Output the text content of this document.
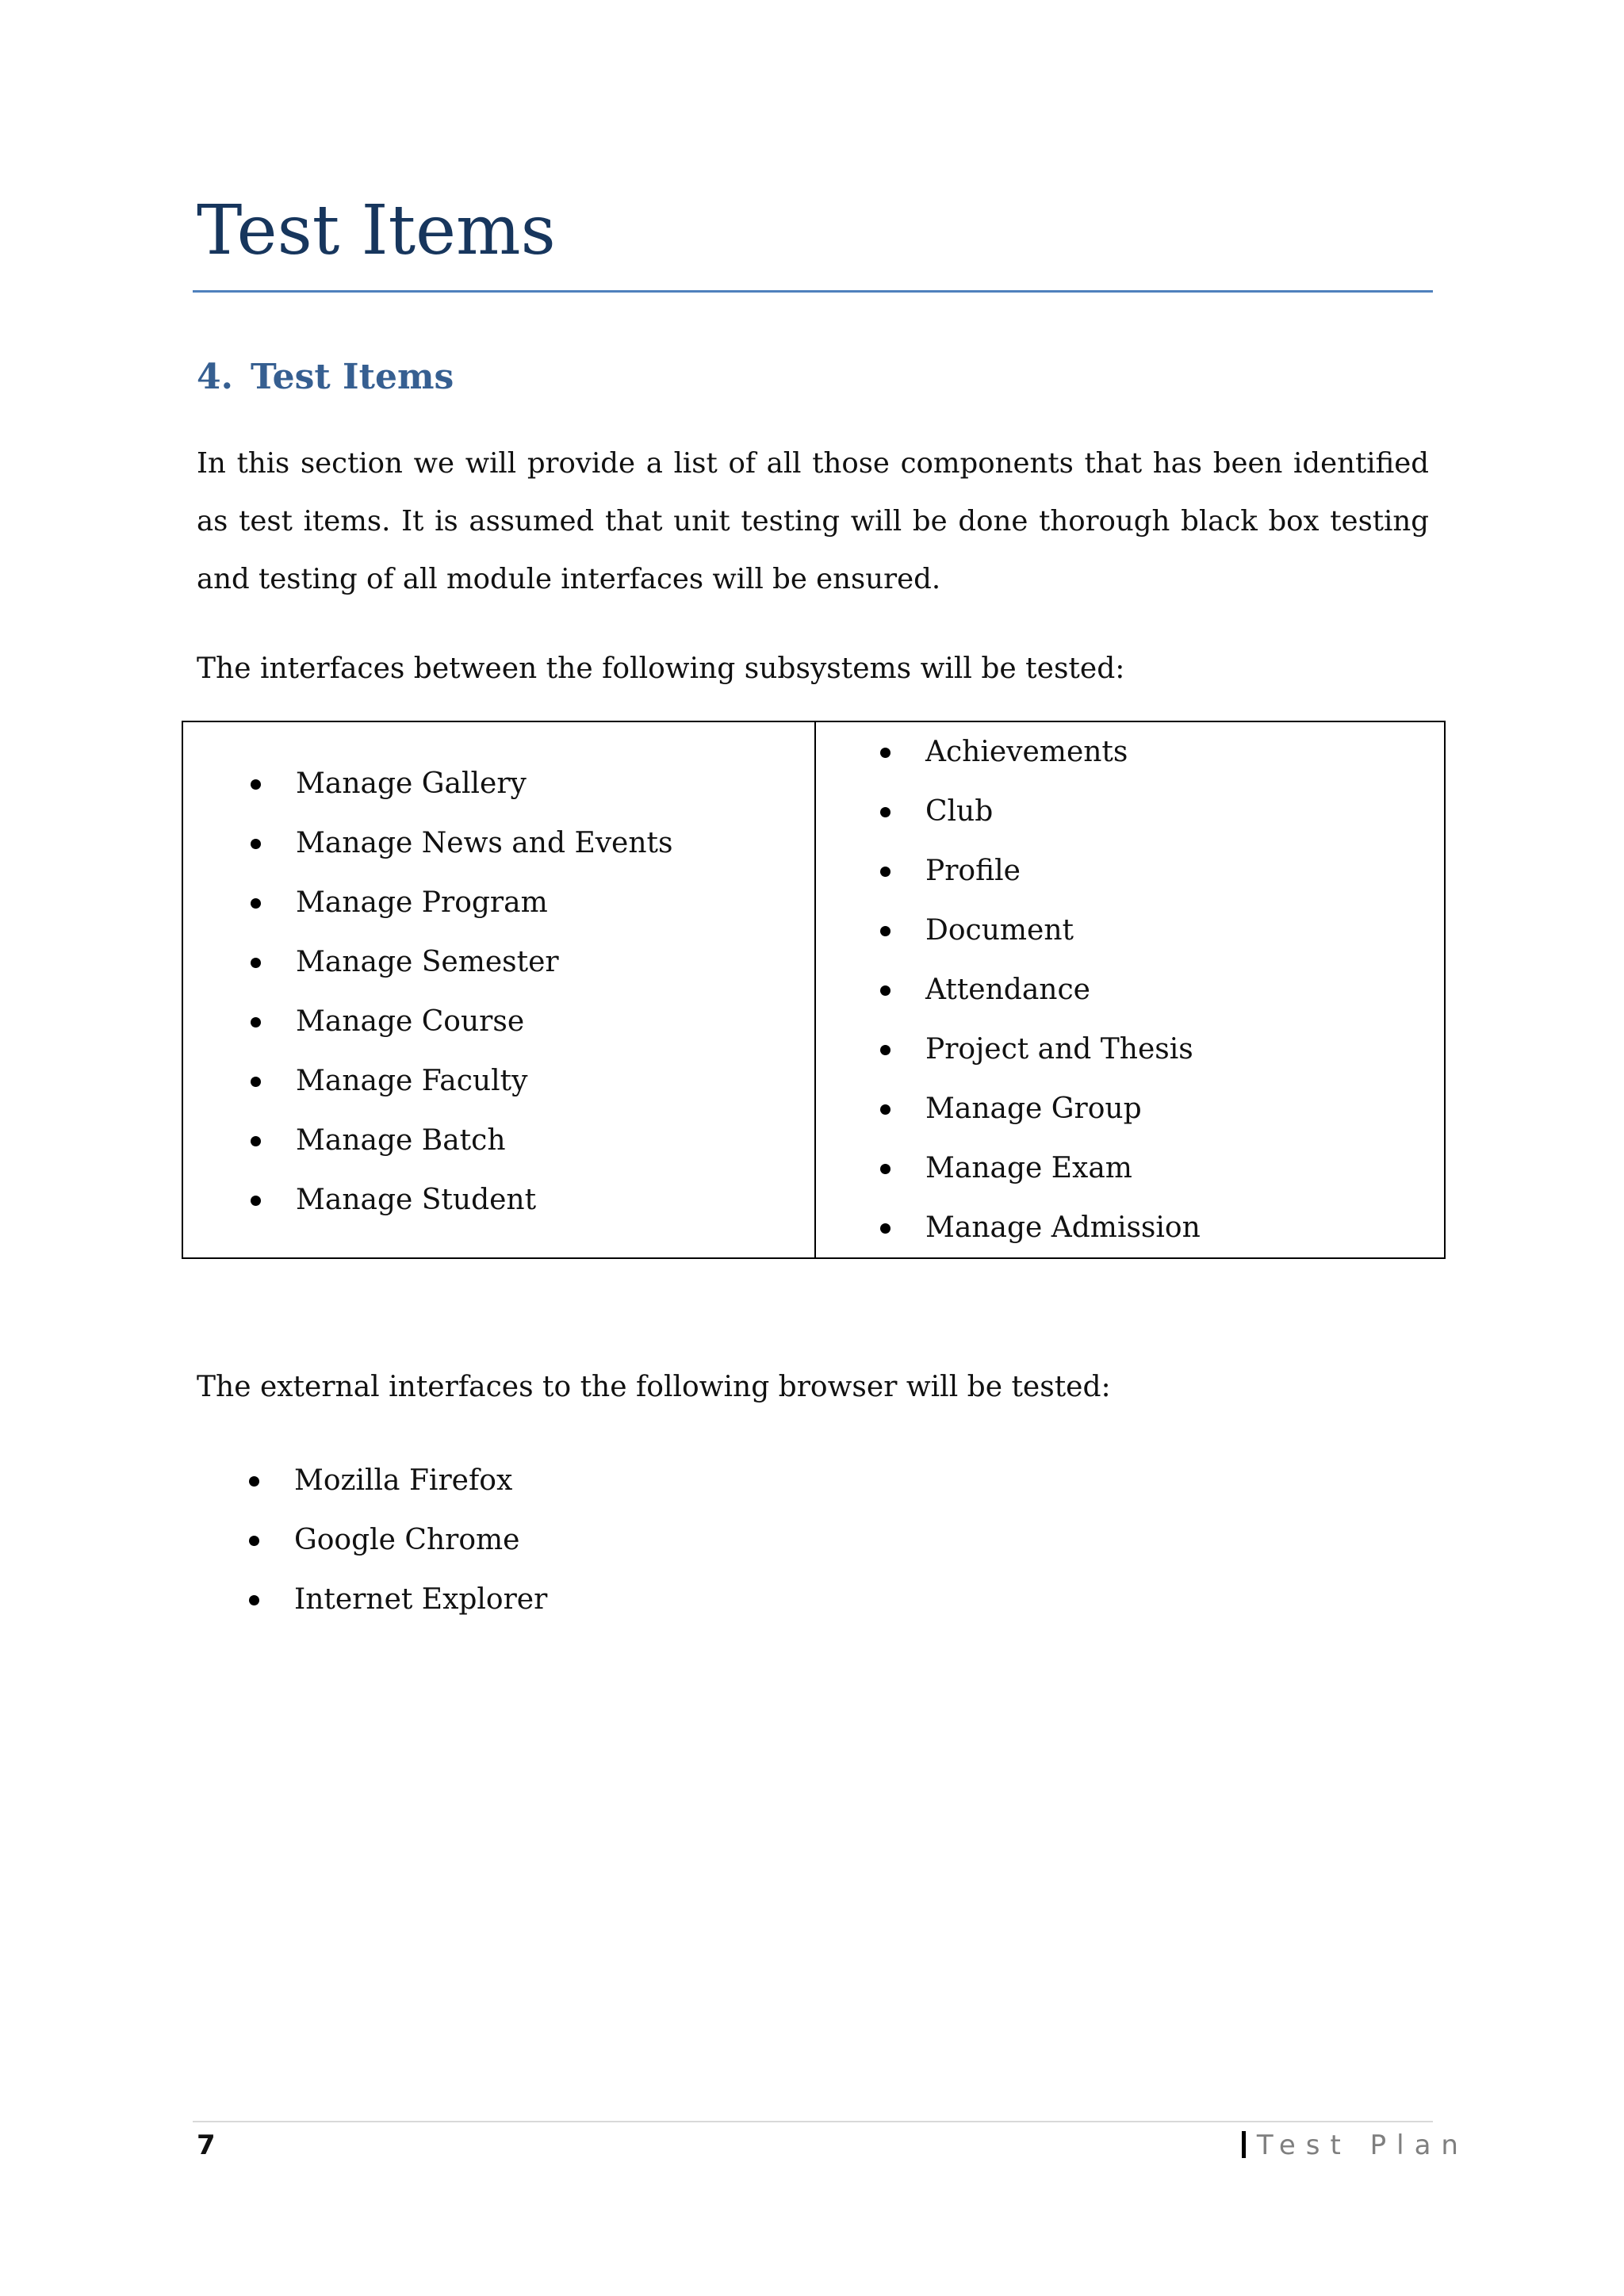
Test Items
4. Test Items

In this section we will provide a list of all those components that has been identified as test items. It is assumed that unit testing will be done thorough black box testing and testing of all module interfaces will be ensured.

The interfaces between the following subsystems will be tested:

Manage Gallery
Manage News and Events
Manage Program
Manage Semester
Manage Course
Manage Faculty
Manage Batch
Manage Student

Achievements
Club
Profile
Document
Attendance
Project and Thesis
Manage Group
Manage Exam
Manage Admission

The external interfaces to the following browser will be tested:

Mozilla Firefox
Google Chrome
Internet Explorer
7	Test Plan
